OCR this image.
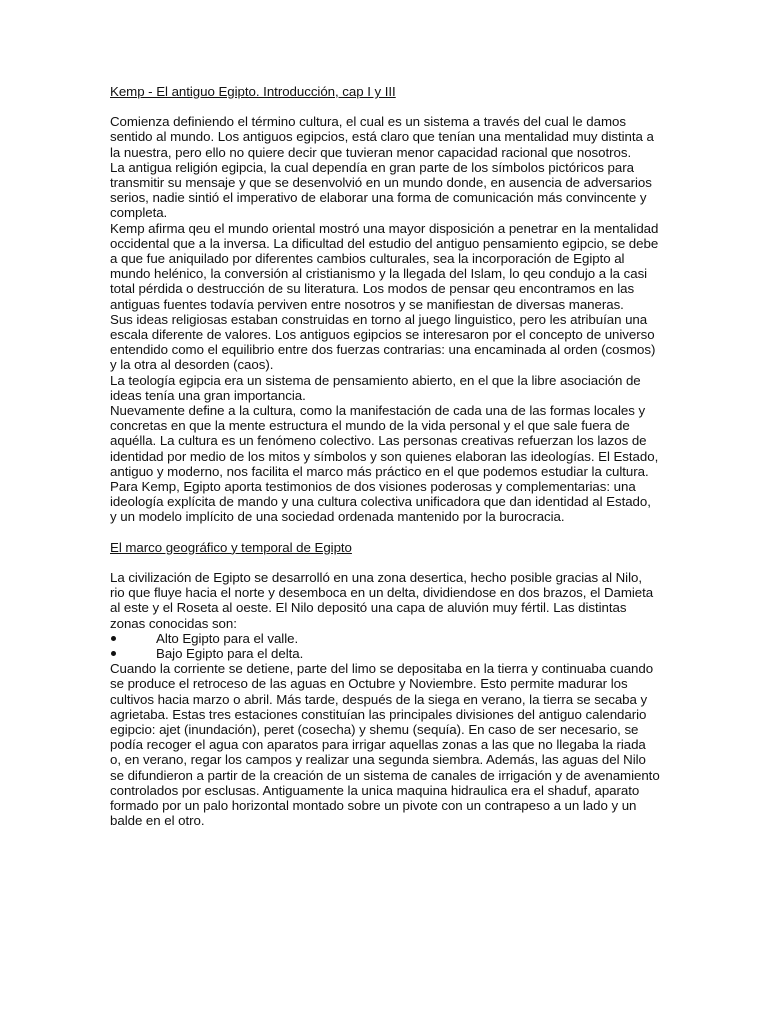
Kemp - El antiguo Egipto. Introducción, cap I y III

Comienza definiendo el término cultura, el cual es un sistema a través del cual le damos sentido al mundo. Los antiguos egipcios, está claro que tenían una mentalidad muy distinta a la nuestra, pero ello no quiere decir que tuvieran menor capacidad racional que nosotros.

La antigua religión egipcia, la cual dependía en gran parte de los símbolos pictóricos para transmitir su mensaje y que se desenvolvió en un mundo donde, en ausencia de adversarios serios, nadie sintió el imperativo de elaborar una forma de comunicación más convincente y completa.

Kemp afirma qeu el mundo oriental mostró una mayor disposición a penetrar en la mentalidad occidental que a la inversa. La dificultad del estudio del antiguo pensamiento egipcio, se debe a que fue aniquilado por diferentes cambios culturales, sea la incorporación de Egipto al mundo helénico, la conversión al cristianismo y la llegada del Islam, lo qeu condujo a la casi total pérdida o destrucción de su literatura. Los modos de pensar qeu encontramos en las antiguas fuentes todavía perviven entre nosotros y se manifiestan de diversas maneras.

Sus ideas religiosas estaban construidas en torno al juego linguistico, pero les atribuían una escala diferente de valores. Los antiguos egipcios se interesaron por el concepto de universo entendido como el equilibrio entre dos fuerzas contrarias: una encaminada al orden (cosmos) y la otra al desorden (caos).

La teología egipcia era un sistema de pensamiento abierto, en el que la libre asociación de ideas tenía una gran importancia.

Nuevamente define a la cultura, como la manifestación de cada una de las formas locales y concretas en que la mente estructura el mundo de la vida personal y el que sale fuera de aquélla. La cultura es un fenómeno colectivo. Las personas creativas refuerzan los lazos de identidad por medio de los mitos y símbolos y son quienes elaboran las ideologías. El Estado, antiguo y moderno, nos facilita el marco más práctico en el que podemos estudiar la cultura. Para Kemp, Egipto aporta testimonios de dos visiones poderosas y complementarias: una ideología explícita de mando y una cultura colectiva unificadora que dan identidad al Estado, y un modelo implícito de una sociedad ordenada mantenido por la burocracia.

El marco geográfico y temporal de Egipto

La civilización de Egipto se desarrolló en una zona desertica, hecho posible gracias al Nilo, rio que fluye hacia el norte y desemboca en un delta, dividiendose en dos brazos, el Damieta al este y el Roseta al oeste. El Nilo depositó una capa de aluvión muy fértil. Las distintas zonas conocidas son:

Alto Egipto para el valle.
Bajo Egipto para el delta.

Cuando la corriente se detiene, parte del limo se depositaba en la tierra y continuaba cuando se produce el retroceso de las aguas en Octubre y Noviembre. Esto permite madurar los cultivos hacia marzo o abril. Más tarde, después de la siega en verano, la tierra se secaba y agrietaba. Estas tres estaciones constituían las principales divisiones del antiguo calendario egipcio: ajet (inundación), peret (cosecha) y shemu (sequía). En caso de ser necesario, se podía recoger el agua con aparatos para irrigar aquellas zonas a las que no llegaba la riada o, en verano, regar los campos y realizar una segunda siembra. Además, las aguas del Nilo se difundieron a partir de la creación de un sistema de canales de irrigación y de avenamiento controlados por esclusas. Antiguamente la unica maquina hidraulica era el shaduf, aparato formado por un palo horizontal montado sobre un pivote con un contrapeso a un lado y un balde en el otro.
